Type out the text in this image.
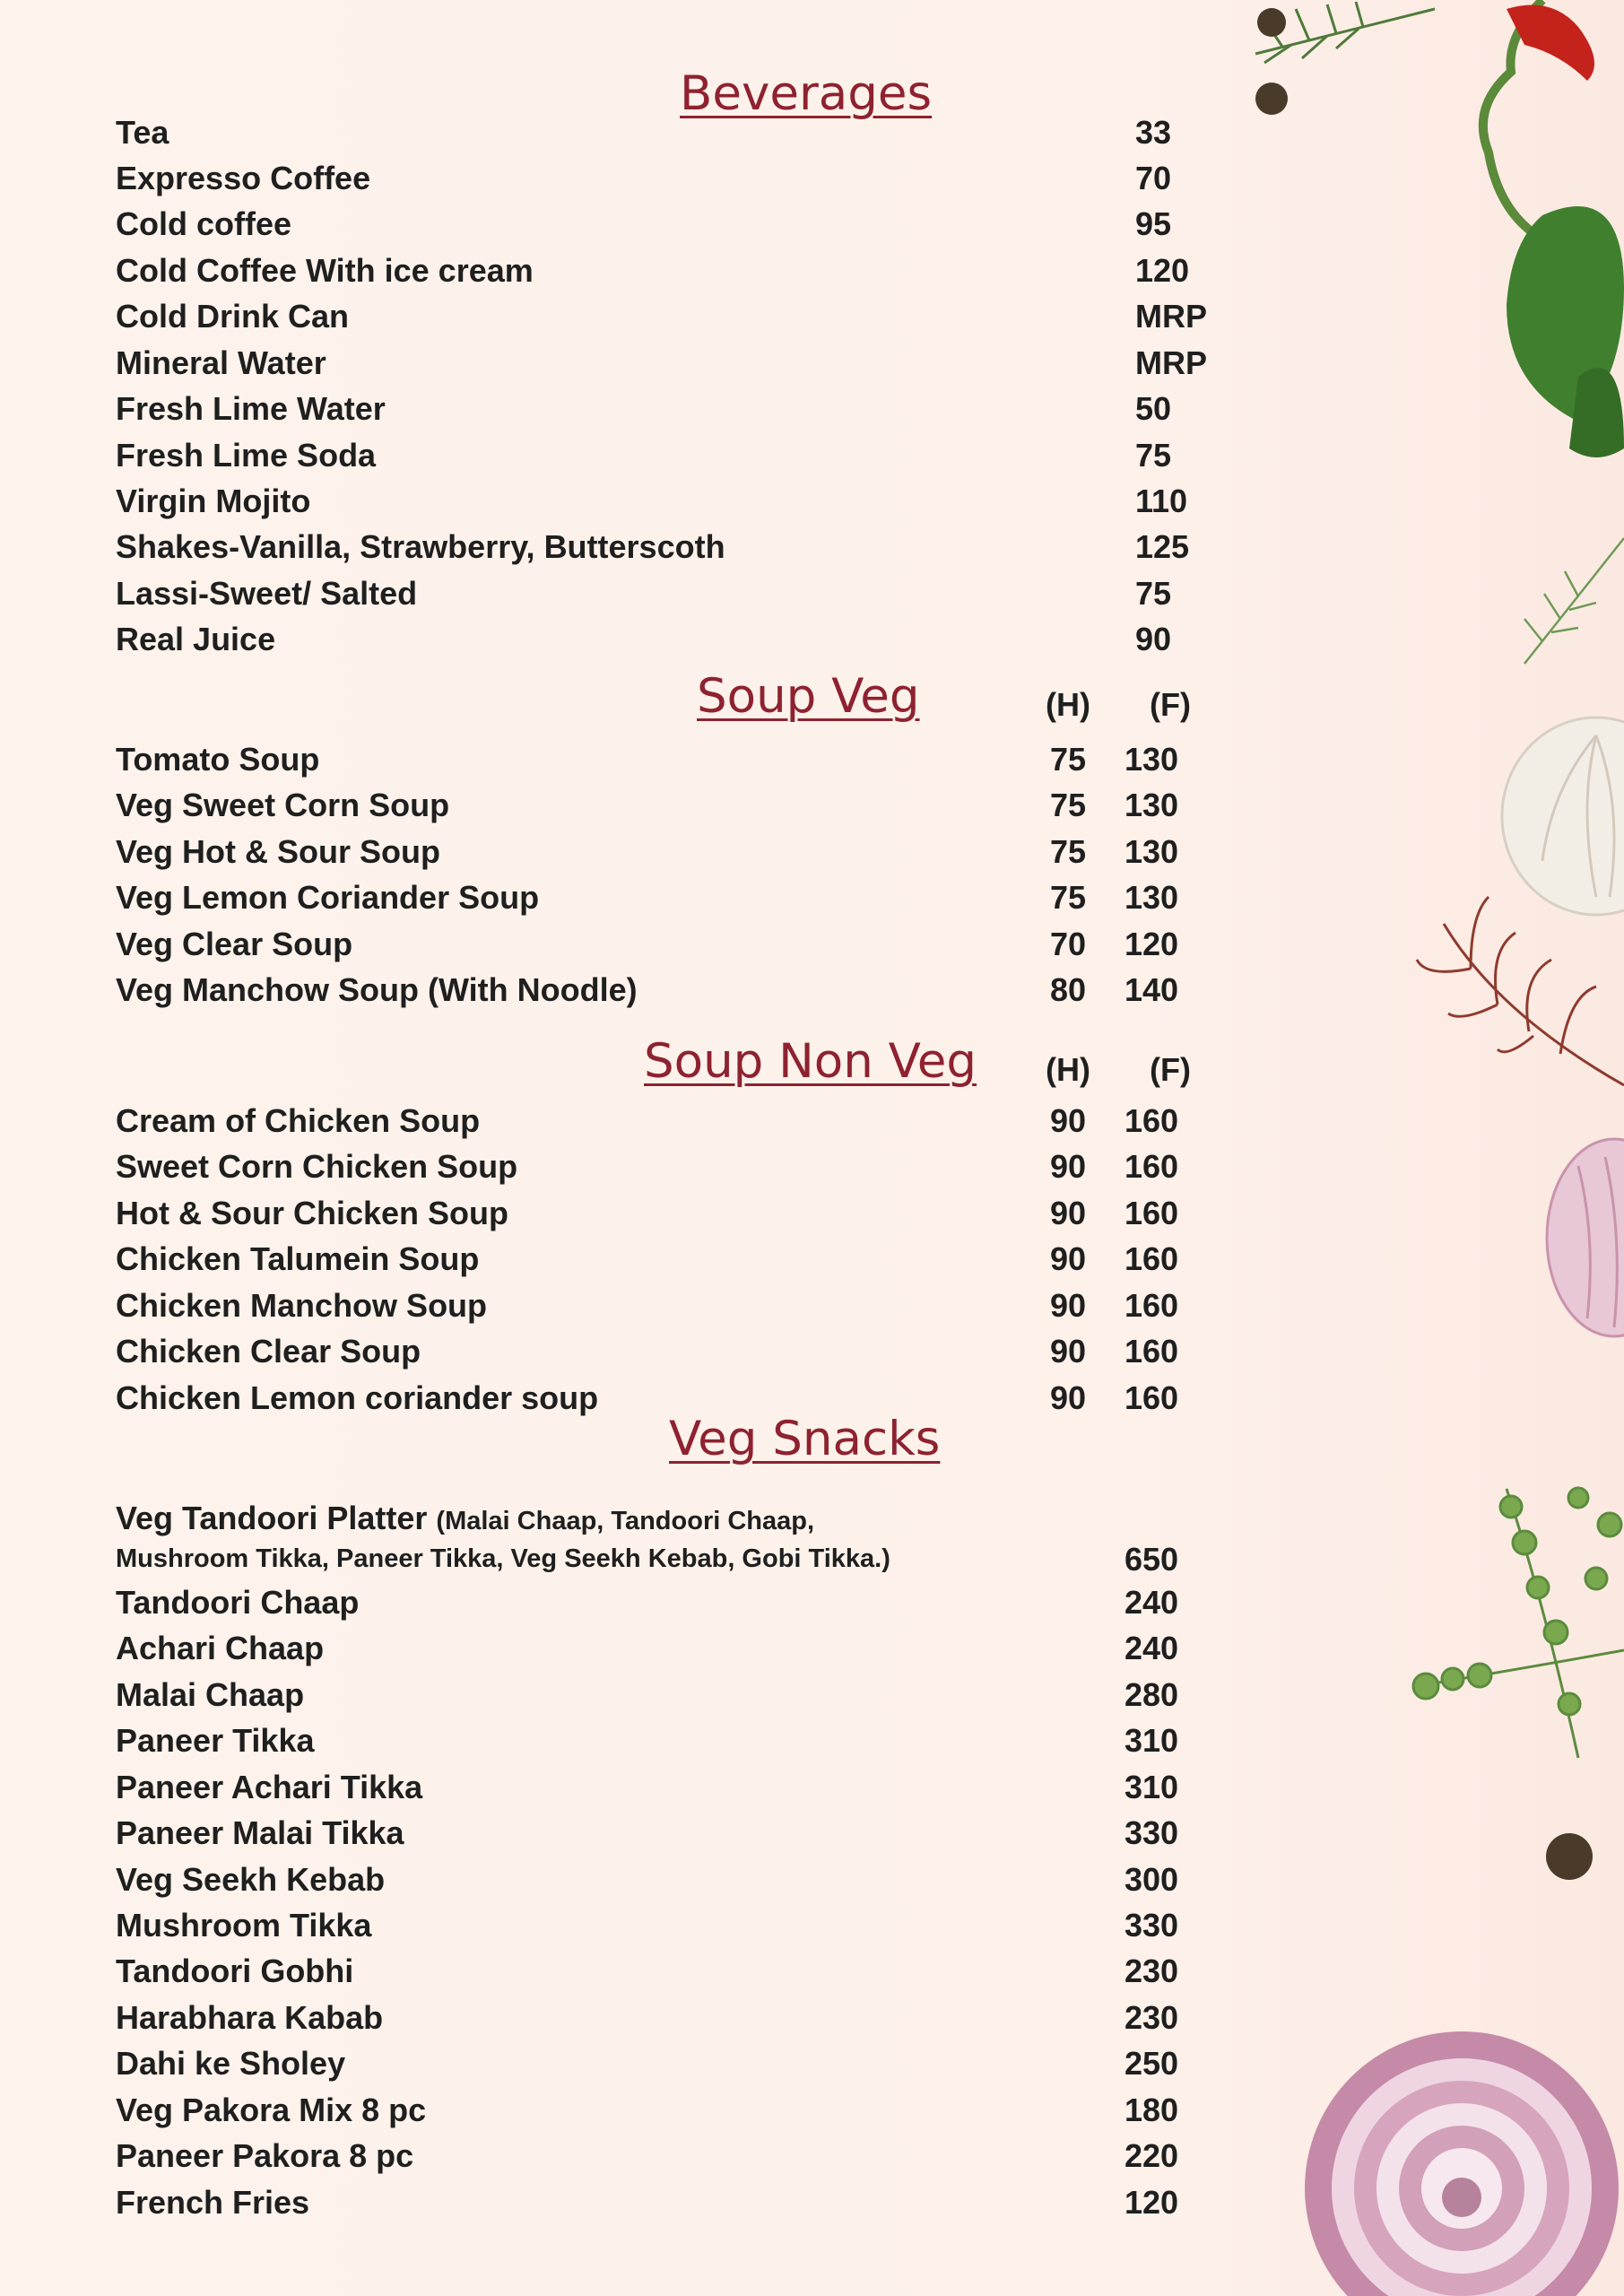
Beverages
Tea	33
Expresso Coffee	70
Cold coffee	95
Cold Coffee With ice cream	120
Cold Drink Can	MRP
Mineral Water	MRP
Fresh Lime Water	50
Fresh Lime Soda	75
Virgin Mojito	110
Shakes-Vanilla, Strawberry, Butterscoth	125
Lassi-Sweet/ Salted	75
Real Juice	90
Soup Veg	(H)	(F)
Tomato Soup	75	130
Veg Sweet Corn Soup	75	130
Veg Hot & Sour Soup	75	130
Veg Lemon Coriander Soup	75	130
Veg Clear Soup	70	120
Veg Manchow Soup (With Noodle)	80	140
Soup Non Veg	(H)	(F)
Cream of Chicken Soup	90	160
Sweet Corn Chicken Soup	90	160
Hot & Sour Chicken Soup	90	160
Chicken Talumein Soup	90	160
Chicken Manchow Soup	90	160
Chicken Clear Soup	90	160
Chicken Lemon coriander soup	90	160
Veg Snacks
Veg Tandoori Platter (Malai Chaap, Tandoori Chaap,
Mushroom Tikka, Paneer Tikka, Veg Seekh Kebab, Gobi Tikka.)	650
Tandoori Chaap	240
Achari Chaap	240
Malai Chaap	280
Paneer Tikka	310
Paneer Achari Tikka	310
Paneer Malai Tikka	330
Veg Seekh Kebab	300
Mushroom Tikka	330
Tandoori Gobhi	230
Harabhara Kabab	230
Dahi ke Sholey	250
Veg Pakora Mix 8 pc	180
Paneer Pakora 8 pc	220
French Fries	120
